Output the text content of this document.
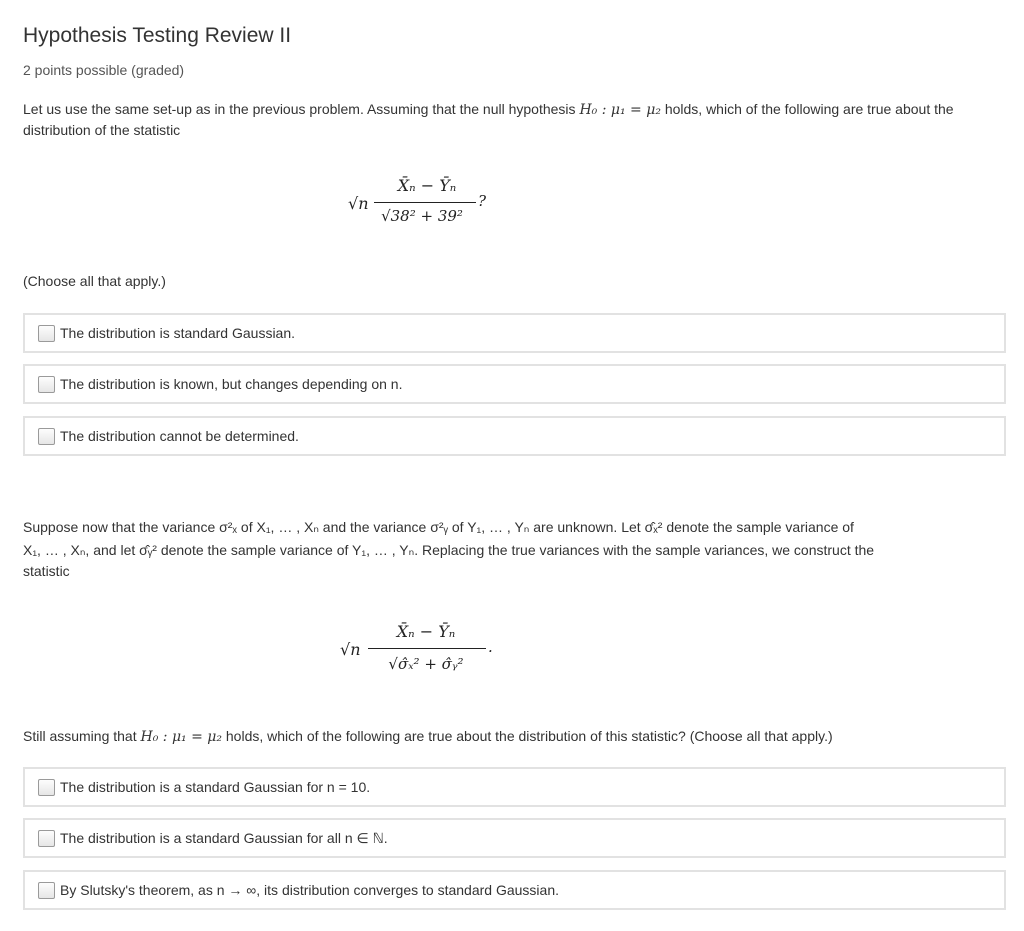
Hypothesis Testing Review II
2 points possible (graded)
Let us use the same set-up as in the previous problem. Assuming that the null hypothesis H₀ : μ₁ = μ₂ holds, which of the following are true about the distribution of the statistic
√n
X̄ₙ − Ȳₙ
√38² + 39²
?
(Choose all that apply.)
The distribution is standard Gaussian.
The distribution is known, but changes depending on n.
The distribution cannot be determined.
Suppose now that the variance σ²ₓ of X₁, … , Xₙ and the variance σ²ᵧ of Y₁, … , Yₙ are unknown. Let σ̂ₓ² denote the sample variance of
X₁, … , Xₙ, and let σ̂ᵧ² denote the sample variance of Y₁, … , Yₙ. Replacing the true variances with the sample variances, we construct the
statistic
√n
X̄ₙ − Ȳₙ
√σ̂ₓ² + σ̂ᵧ²
.
Still assuming that H₀ : μ₁ = μ₂ holds, which of the following are true about the distribution of this statistic? (Choose all that apply.)
The distribution is a standard Gaussian for n = 10.
The distribution is a standard Gaussian for all n ∈ ℕ.
By Slutsky's theorem, as n → ∞, its distribution converges to standard Gaussian.
